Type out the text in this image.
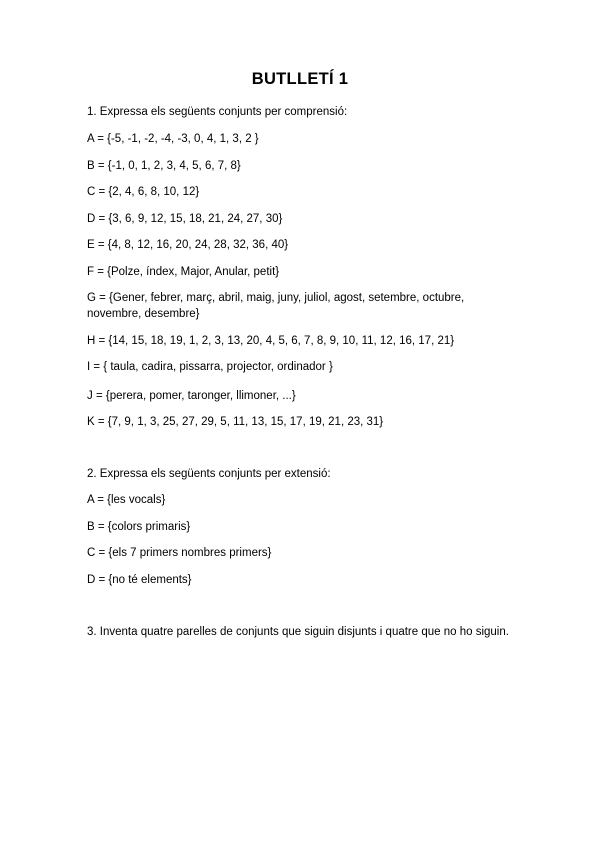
BUTLLETÍ 1
1. Expressa els següents conjunts per comprensió:
A = {-5, -1, -2, -4, -3, 0, 4, 1, 3, 2 }
B = {-1, 0, 1, 2, 3, 4, 5, 6, 7, 8}
C = {2, 4, 6, 8, 10, 12}
D = {3, 6, 9, 12, 15, 18, 21, 24, 27, 30}
E = {4, 8, 12, 16, 20, 24, 28, 32, 36, 40}
F = {Polze, índex, Major, Anular, petit}
G = {Gener, febrer, març, abril, maig, juny, juliol, agost, setembre, octubre, novembre, desembre}
H = {14, 15, 18, 19, 1, 2, 3, 13, 20, 4, 5, 6, 7, 8, 9, 10, 11, 12, 16, 17, 21}
I = { taula, cadira, pissarra, projector, ordinador }
J = {perera, pomer, taronger, llimoner, ...}
K = {7, 9, 1, 3, 25, 27, 29, 5, 11, 13, 15, 17, 19, 21, 23, 31}
2. Expressa els següents conjunts per extensió:
A = {les vocals}
B = {colors primaris}
C = {els 7 primers nombres primers}
D = {no té elements}
3. Inventa quatre parelles de conjunts que siguin disjunts i quatre que no ho siguin.
